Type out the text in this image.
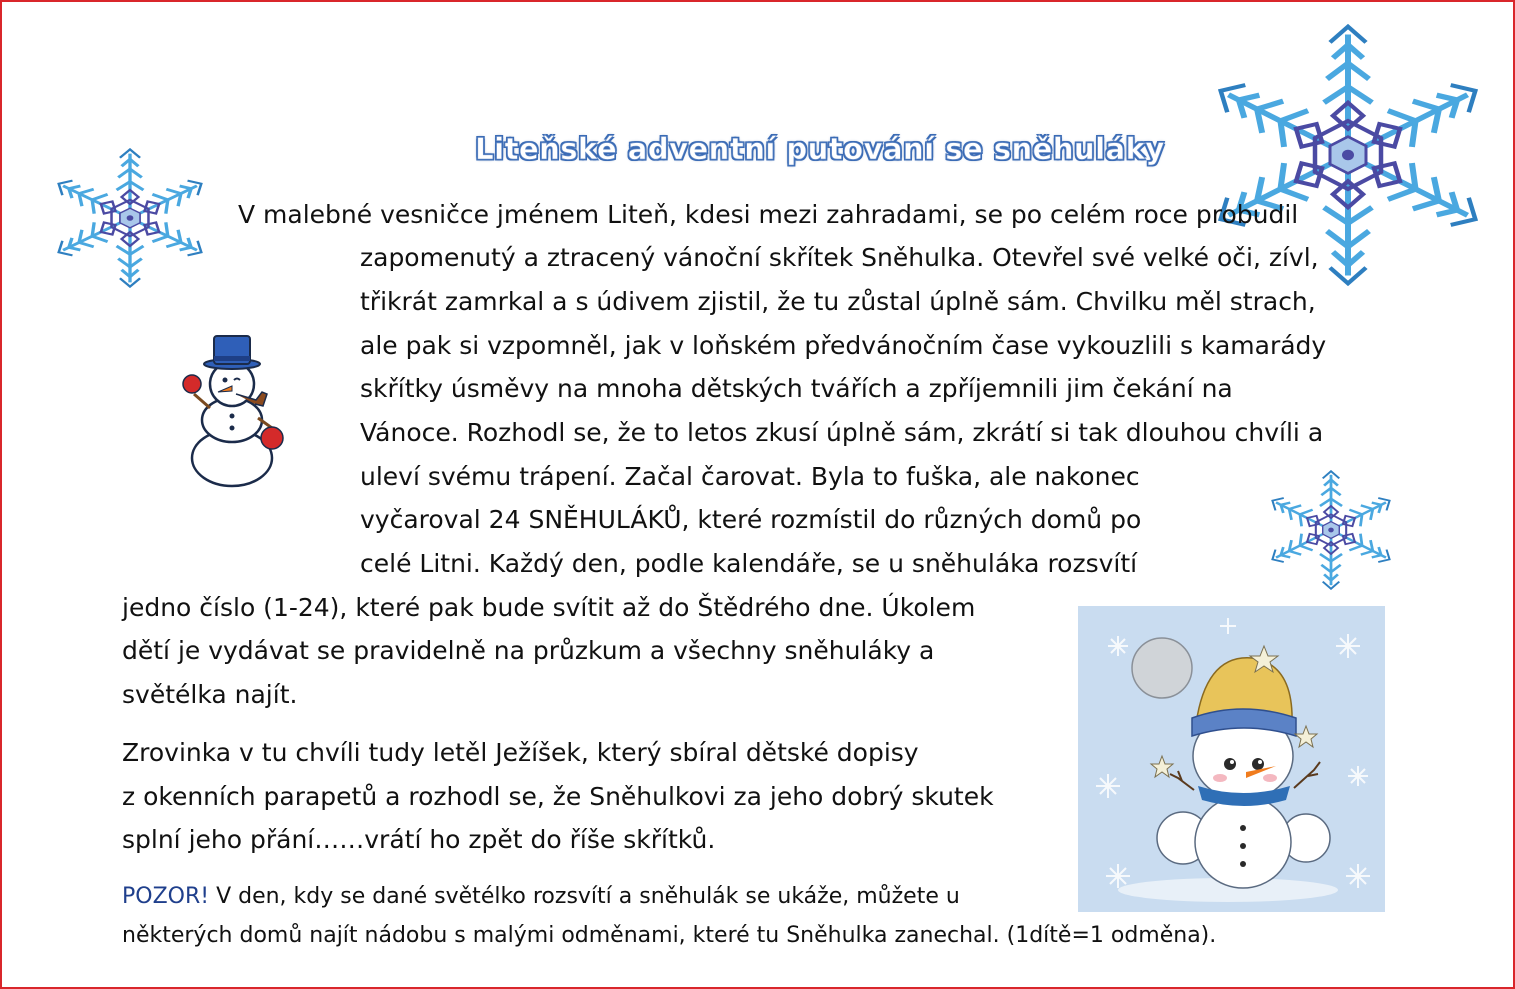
Liteňské adventní putování se sněhuláky
V malebné vesničce jménem Liteň, kdesi mezi zahradami, se po celém roce probudil
zapomenutý a ztracený vánoční skřítek Sněhulka. Otevřel své velké oči, zívl,
třikrát zamrkal a s údivem zjistil, že tu zůstal úplně sám. Chvilku měl strach,
ale pak si vzpomněl, jak v loňském předvánočním čase vykouzlili s kamarády
skřítky úsměvy na mnoha dětských tvářích a zpříjemnili jim čekání na
Vánoce. Rozhodl se, že to letos zkusí úplně sám, zkrátí si tak dlouhou chvíli a
uleví svému trápení. Začal čarovat. Byla to fuška, ale nakonec
vyčaroval 24 SNĚHULÁKŮ, které rozmístil do různých domů po
celé Litni. Každý den, podle kalendáře, se u sněhuláka rozsvítí
jedno číslo (1-24), které pak bude svítit až do Štědrého dne. Úkolem
dětí je vydávat se pravidelně na průzkum a všechny sněhuláky a
světélka najít.
Zrovinka v tu chvíli tudy letěl Ježíšek, který sbíral dětské dopisy
z okenních parapetů a rozhodl se, že Sněhulkovi za jeho dobrý skutek
splní jeho přání……vrátí ho zpět do říše skřítků.
POZOR! V den, kdy se dané světélko rozsvítí a sněhulák se ukáže, můžete u
některých domů najít nádobu s malými odměnami, které tu Sněhulka zanechal. (1dítě=1 odměna).
